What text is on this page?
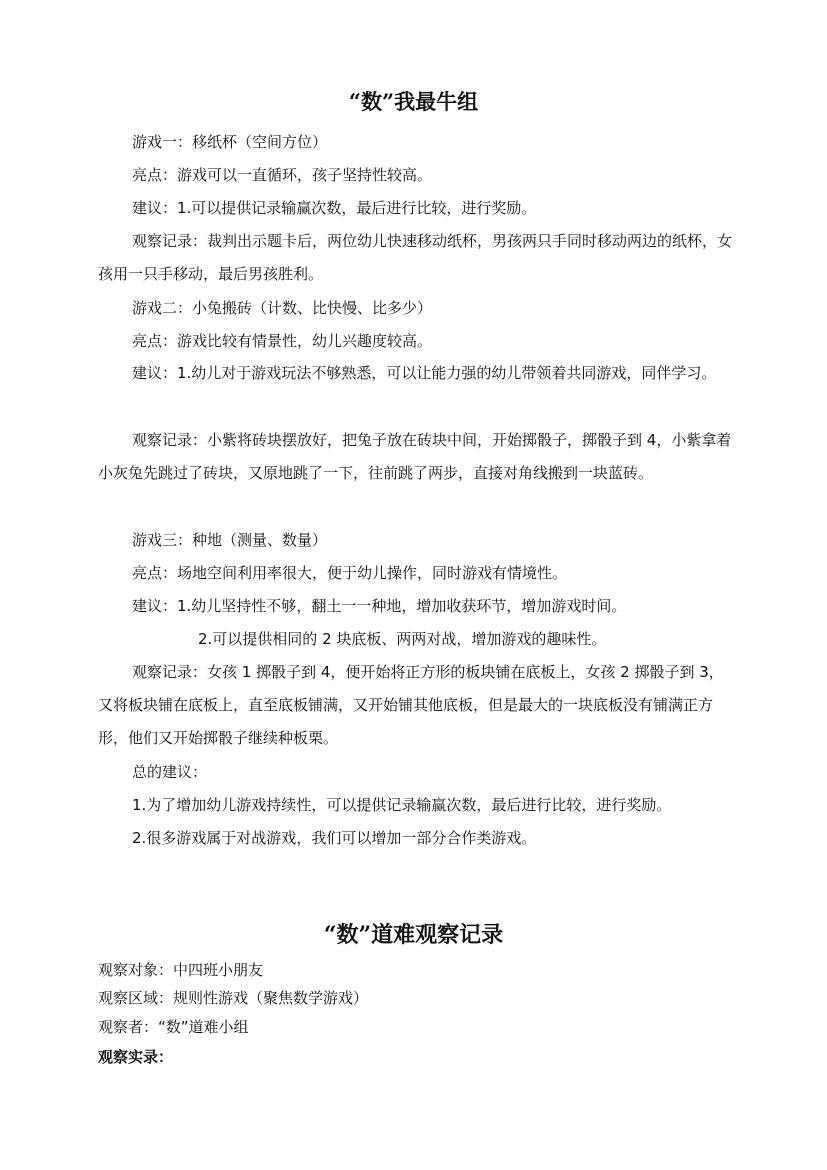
“数”我最牛组
游戏一：移纸杯（空间方位）
亮点：游戏可以一直循环，孩子坚持性较高。
建议：1.可以提供记录输赢次数，最后进行比较，进行奖励。
观察记录：裁判出示题卡后，两位幼儿快速移动纸杯，男孩两只手同时移动两边的纸杯，女孩用一只手移动，最后男孩胜利。
游戏二：小兔搬砖（计数、比快慢、比多少）
亮点：游戏比较有情景性，幼儿兴趣度较高。
建议：1.幼儿对于游戏玩法不够熟悉，可以让能力强的幼儿带领着共同游戏，同伴学习。
观察记录：小紫将砖块摆放好，把兔子放在砖块中间，开始掷骰子，掷骰子到 4，小紫拿着小灰兔先跳过了砖块，又原地跳了一下，往前跳了两步，直接对角线搬到一块蓝砖。
游戏三：种地（测量、数量）
亮点：场地空间利用率很大，便于幼儿操作，同时游戏有情境性。
建议：1.幼儿坚持性不够，翻土一一种地，增加收获环节，增加游戏时间。
2.可以提供相同的 2 块底板、两两对战，增加游戏的趣味性。
观察记录：女孩 1 掷骰子到 4，便开始将正方形的板块铺在底板上，女孩 2 掷骰子到 3，又将板块铺在底板上，直至底板铺满，又开始铺其他底板，但是最大的一块底板没有铺满正方形，他们又开始掷骰子继续种板栗。
总的建议：
1.为了增加幼儿游戏持续性，可以提供记录输赢次数，最后进行比较，进行奖励。
2.很多游戏属于对战游戏，我们可以增加一部分合作类游戏。
“数”道难观察记录
观察对象：中四班小朋友
观察区域：规则性游戏（聚焦数学游戏）
观察者：“数”道难小组
观察实录：
